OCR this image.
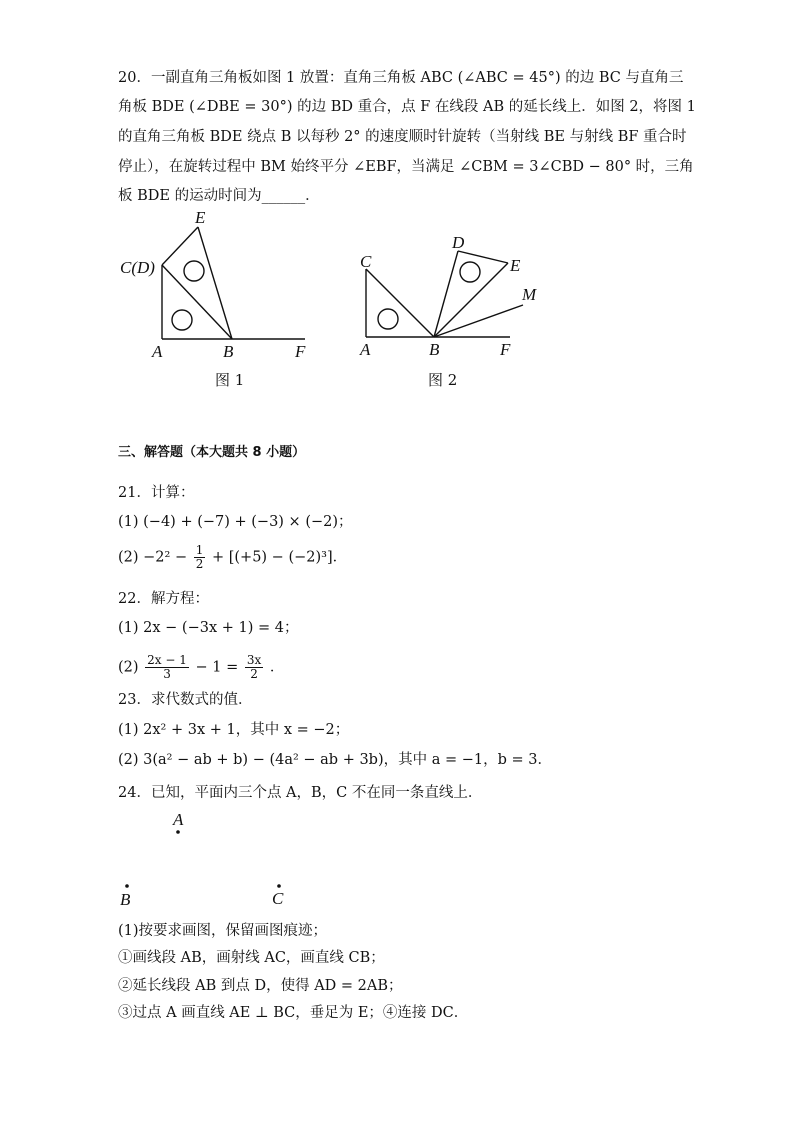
20．一副直角三角板如图 1 放置：直角三角板 ABC (∠ABC = 45°) 的边 BC 与直角三
角板 BDE (∠DBE = 30°) 的边 BD 重合，点 F 在线段 AB 的延长线上．如图 2，将图 1
的直角三角板 BDE 绕点 B 以每秒 2° 的速度顺时针旋转（当射线 BE 与射线 BF 重合时
停止），在旋转过程中 BM 始终平分 ∠EBF，当满足 ∠CBM = 3∠CBD − 80° 时，三角
板 BDE 的运动时间为______．
E
C(D)
A	B	F
图 1
C
D
E
M
A	B	F
图 2
三、解答题（本大题共 8 小题）
21．计算：
(1) (−4) + (−7) + (−3) × (−2)；
$(2) -2^2 - \frac{1}{2} + [(+5) - (-2)^3]$．
22．解方程：
(1) 2x − (−3x + 1) = 4；
$(2) \frac{2x - 1}{3} - 1 = \frac{3x}{2}$ ．
23．求代数式的值．
(1) 2x² + 3x + 1，其中 x = −2；
(2) 3(a² − ab + b) − (4a² − ab + 3b)，其中 a = −1，b = 3．
24．已知，平面内三个点 A，B，C 不在同一条直线上．
A
B	C
(1)按要求画图，保留画图痕迹；
①画线段 AB，画射线 AC，画直线 CB；
②延长线段 AB 到点 D，使得 AD = 2AB；
③过点 A 画直线 AE ⊥ BC，垂足为 E；④连接 DC．
